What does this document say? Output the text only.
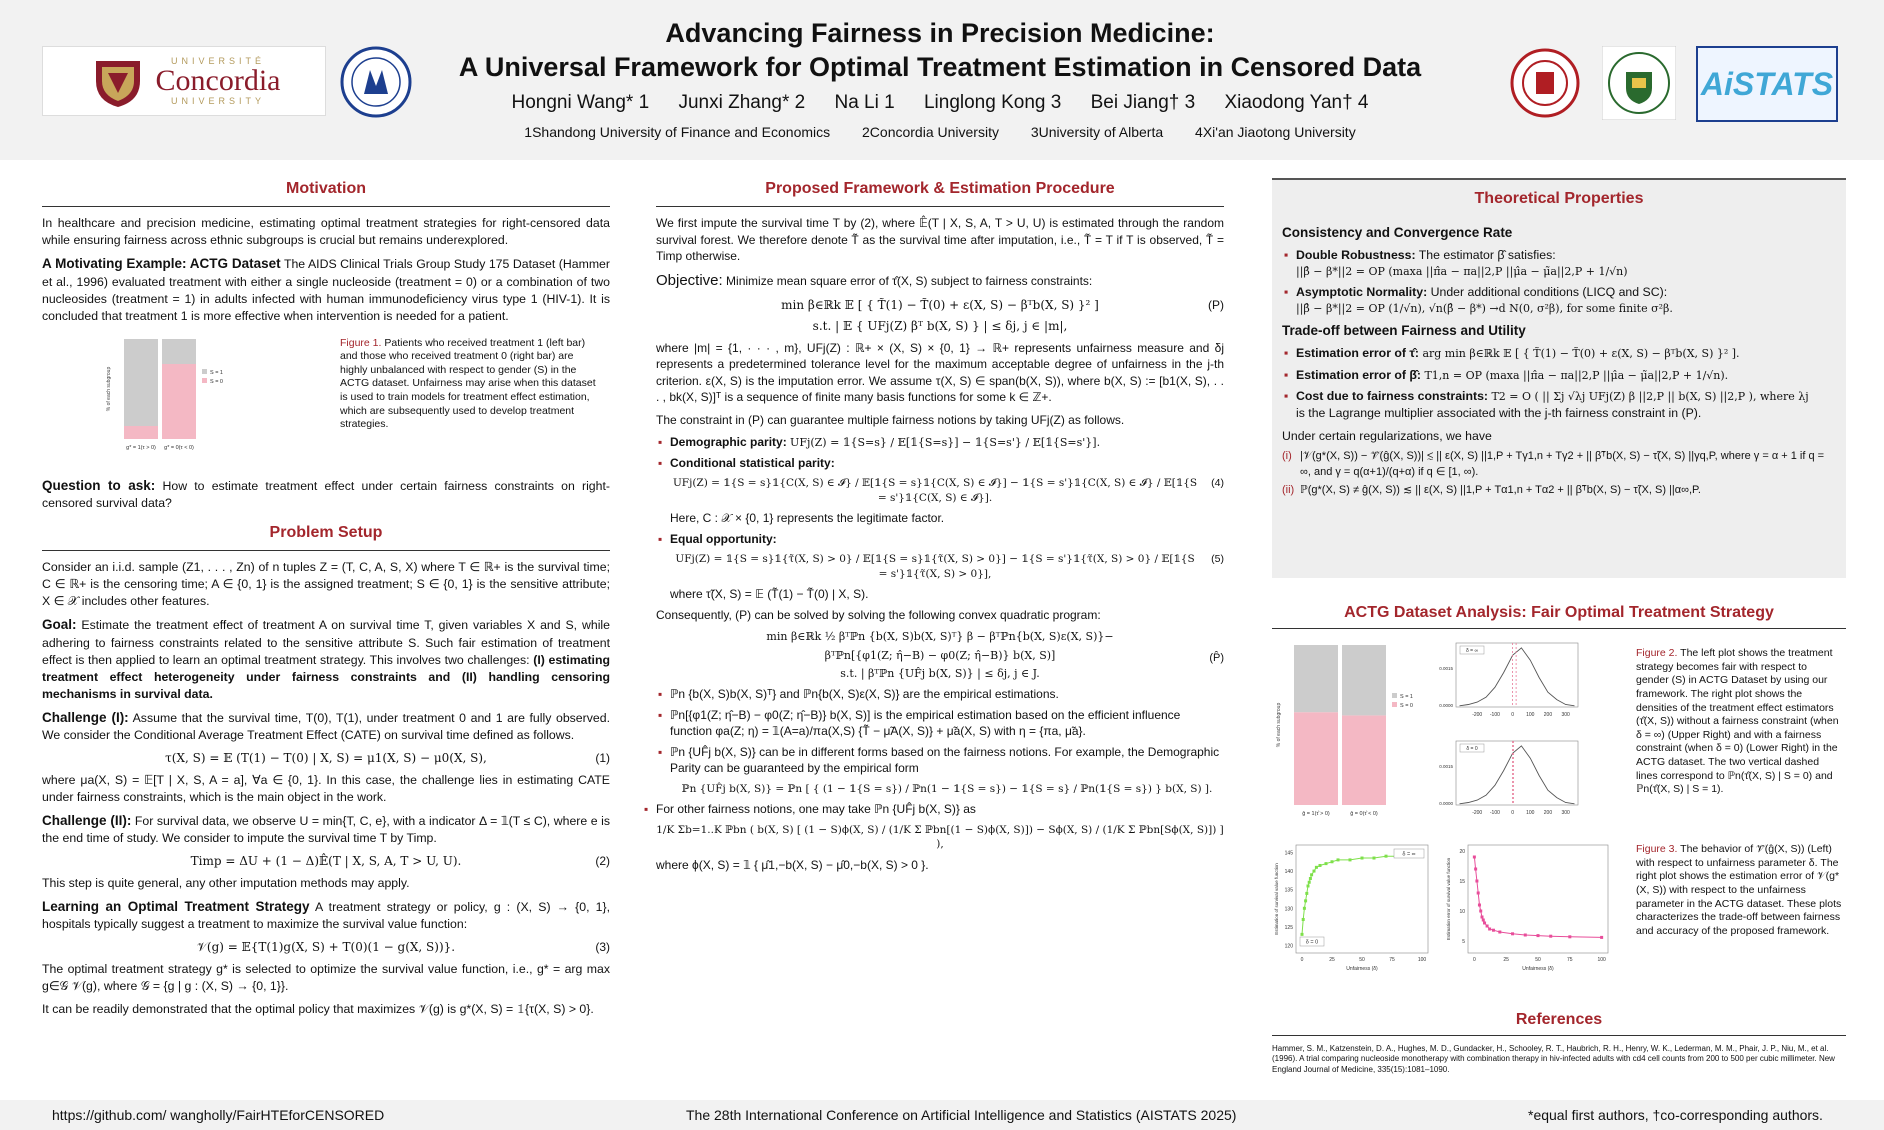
UNIVERSITÉ
Concordia
UNIVERSITY
Advancing Fairness in Precision Medicine:
A Universal Framework for Optimal Treatment Estimation in Censored Data
Hongni Wang* 1 Junxi Zhang* 2 Na Li 1 Linglong Kong 3 Bei Jiang† 3 Xiaodong Yan† 4
1Shandong University of Finance and Economics 2Concordia University 3University of Alberta 4Xi'an Jiaotong University
AiSTATS
Motivation
In healthcare and precision medicine, estimating optimal treatment strategies for right-censored data while ensuring fairness across ethnic subgroups is crucial but remains underexplored.
A Motivating Example: ACTG Dataset The AIDS Clinical Trials Group Study 175 Dataset (Hammer et al., 1996) evaluated treatment with either a single nucleoside (treatment = 0) or a combination of two nucleosides (treatment = 1) in adults infected with human immunodeficiency virus type 1 (HIV-1). It is concluded that treatment 1 is more effective when intervention is needed for a patient.
% of each subgroup
g* = 1(τ > 0) g* = 0(τ < 0)
S = 1
S = 0
Figure 1. Patients who received treatment 1 (left bar) and those who received treatment 0 (right bar) are highly unbalanced with respect to gender (S) in the ACTG dataset. Unfairness may arise when this dataset is used to train models for treatment effect estimation, which are subsequently used to develop treatment strategies.
Question to ask: How to estimate treatment effect under certain fairness constraints on right-censored survival data?
Problem Setup
Consider an i.i.d. sample (Z1, . . . , Zn) of n tuples Z = (T, C, A, S, X) where T ∈ ℝ+ is the survival time; C ∈ ℝ+ is the censoring time; A ∈ {0, 1} is the assigned treatment; S ∈ {0, 1} is the sensitive attribute; X ∈ 𝒳 includes other features.
Goal: Estimate the treatment effect of treatment A on survival time T, given variables X and S, while adhering to fairness constraints related to the sensitive attribute S. Such fair estimation of treatment effect is then applied to learn an optimal treatment strategy. This involves two challenges: (I) estimating treatment effect heterogeneity under fairness constraints and (II) handling censoring mechanisms in survival data.
Challenge (I): Assume that the survival time, T(0), T(1), under treatment 0 and 1 are fully observed. We consider the Conditional Average Treatment Effect (CATE) on survival time defined as follows.
τ(X, S) = 𝔼 (T(1) − T(0) | X, S) = μ1(X, S) − μ0(X, S),	(1)
where μa(X, S) = 𝔼[T | X, S, A = a], ∀a ∈ {0, 1}. In this case, the challenge lies in estimating CATE under fairness constraints, which is the main object in the work.
Challenge (II): For survival data, we observe U = min{T, C, e}, with a indicator Δ = 𝟙(T ≤ C), where e is the end time of study. We consider to impute the survival time T by Timp.
Timp = ΔU + (1 − Δ)𝔼̂(T | X, S, A, T > U, U).	(2)
This step is quite general, any other imputation methods may apply.
Learning an Optimal Treatment Strategy A treatment strategy or policy, g : (X, S) → {0, 1}, hospitals typically suggest a treatment to maximize the survival value function:
𝒱(g) = 𝔼{T(1)g(X, S) + T(0)(1 − g(X, S))}.	(3)
The optimal treatment strategy g* is selected to optimize the survival value function, i.e., g* = arg max g∈𝒢 𝒱(g), where 𝒢 = {g | g : (X, S) → {0, 1}}.
It can be readily demonstrated that the optimal policy that maximizes 𝒱(g) is g*(X, S) = 𝟙{τ(X, S) > 0}.
Proposed Framework & Estimation Procedure
We first impute the survival time T by (2), where 𝔼̂(T | X, S, A, T > U, U) is estimated through the random survival forest. We therefore denote T̃ as the survival time after imputation, i.e., T̃ = T if T is observed, T̃ = Timp otherwise.
Objective: Minimize mean square error of τ̂(X, S) subject to fairness constraints:
min β∈ℝk 𝔼 [ { T̃(1) − T̃(0) + ε(X, S) − βᵀb(X, S) }² ]
s.t. | 𝔼 { UFj(Z) βᵀ b(X, S) } | ≤ δj, j ∈ |m|,
(P)
where |m| = {1, · · · , m}, UFj(Z) : ℝ+ × (X, S) × {0, 1} → ℝ+ represents unfairness measure and δj represents a predetermined tolerance level for the maximum acceptable degree of unfairness in the j-th criterion. ε(X, S) is the imputation error. We assume τ(X, S) ∈ span(b(X, S)), where b(X, S) := [b1(X, S), . . . , bk(X, S)]ᵀ is a sequence of finite many basis functions for some k ∈ ℤ+.
The constraint in (P) can guarantee multiple fairness notions by taking UFj(Z) as follows.
▪ Demographic parity: UFj(Z) = 𝟙{S=s} / 𝔼[𝟙{S=s}] − 𝟙{S=s'} / 𝔼[𝟙{S=s'}].
▪ Conditional statistical parity:
UFj(Z) = 𝟙{S = s}𝟙{C(X, S) ∈ 𝓘} / 𝔼[𝟙{S = s}𝟙{C(X, S) ∈ 𝓘}] − 𝟙{S = s'}𝟙{C(X, S) ∈ 𝓘} / 𝔼[𝟙{S = s'}𝟙{C(X, S) ∈ 𝓘}].
(4)
Here, C : 𝒳 × {0, 1} represents the legitimate factor.
▪ Equal opportunity:
UFj(Z) = 𝟙{S = s}𝟙{τ̃(X, S) > 0} / 𝔼[𝟙{S = s}𝟙{τ̃(X, S) > 0}] − 𝟙{S = s'}𝟙{τ̃(X, S) > 0} / 𝔼[𝟙{S = s'}𝟙{τ̃(X, S) > 0}],
(5)
where τ̃(X, S) = 𝔼 (T̃(1) − T̃(0) | X, S).
Consequently, (P) can be solved by solving the following convex quadratic program:
min β∈ℝk ½ βᵀℙn {b(X, S)b(X, S)ᵀ} β − βᵀℙn{b(X, S)ε(X, S)}−
βᵀℙn[{φ1(Z; η̂−B) − φ0(Z; η̂−B)} b(X, S)]
s.t. | βᵀℙn {UF̂j b(X, S)} | ≤ δj, j ∈ J.
(P̂)
▪ ℙn {b(X, S)b(X, S)ᵀ} and ℙn{b(X, S)ε(X, S)} are the empirical estimations.
▪ ℙn[{φ1(Z; η̂−B) − φ0(Z; η̂−B)} b(X, S)] is the empirical estimation based on the efficient influence function φa(Z; η) = 𝟙(A=a)/πa(X,S) {T̃ − μ̃A(X, S)} + μ̃a(X, S) with η = {πa, μ̃a}.
▪ ℙn {UF̂j b(X, S)} can be in different forms based on the fairness notions. For example, the Demographic Parity can be guaranteed by the empirical form
ℙn {UF̂j b(X, S)} = ℙn [ { (1 − 𝟙{S = s}) / ℙn(1 − 𝟙{S = s}) − 𝟙{S = s} / ℙn(𝟙{S = s}) } b(X, S) ].
▪ For other fairness notions, one may take ℙn {UF̂j b(X, S)} as
1/K Σb=1..K ℙbn ( b(X, S) [ (1 − S)ϕ(X, S) / (1/K Σ ℙbn[(1 − S)ϕ(X, S)]) − Sϕ(X, S) / (1/K Σ ℙbn[Sϕ(X, S)]) ] ),
where ϕ(X, S) = 𝟙 { μ̂1,−b(X, S) − μ̂0,−b(X, S) > 0 }.
Theoretical Properties
Consistency and Convergence Rate
▪ Double Robustness: The estimator β̂ satisfies:
||β̂ − β*||2 = OP (maxa ||π̂a − πa||2,P ||μ̂a − μ̃a||2,P + 1/√n)
▪ Asymptotic Normality: Under additional conditions (LICQ and SC):
||β̂ − β*||2 = OP (1/√n), √n(β̂ − β*) →d N(0, σ²β), for some finite σ²β.
Trade-off between Fairness and Utility
▪ Estimation error of τ̂: arg min β∈ℝk 𝔼 [ { T̃(1) − T̃(0) + ε(X, S) − βᵀb(X, S) }² ].
▪ Estimation error of β̂: T1,n = OP (maxa ||π̂a − πa||2,P ||μ̂a − μ̃a||2,P + 1/√n).
▪ Cost due to fairness constraints: T2 = O ( || Σj √λj UFj(Z) β ||2,P || b(X, S) ||2,P ), where λj
is the Lagrange multiplier associated with the j-th fairness constraint in (P).
Under certain regularizations, we have
(i) |𝒱(g*(X, S)) − 𝒱̂(ĝ(X, S))| ≲ || ε(X, S) ||1,P + Tγ1,n + Tγ2 + || β̃ᵀb(X, S) − τ̃(X, S) ||γq,P, where γ = α + 1 if q = ∞, and γ = q(α+1)/(q+α) if q ∈ [1, ∞).
(ii) ℙ(g*(X, S) ≠ ĝ(X, S)) ≲ || ε(X, S) ||1,P + Tα1,n + Tα2 + || β̃ᵀb(X, S) − τ̃(X, S) ||α∞,P.
ACTG Dataset Analysis: Fair Optimal Treatment Strategy
% of each subgroup
ĝ = 1(τ̂ > 0)	ĝ = 0(τ̂ < 0)
S = 1
S = 0
-200 -100 0 100 200 300
0.0000
0.0015
δ = ∞
-200 -100 0 100 200 300
0.0000
0.0015
δ = 0
Figure 2. The left plot shows the treatment strategy becomes fair with respect to gender (S) in ACTG Dataset by using our framework. The right plot shows the densities of the treatment effect estimators (τ̂(X, S)) without a fairness constraint (when δ = ∞) (Upper Right) and with a fairness constraint (when δ = 0) (Lower Right) in the ACTG dataset. The two vertical dashed lines correspond to ℙn(τ̂(X, S) | S = 0) and ℙn(τ̂(X, S) | S = 1).
0	25	50	75	100
120
125
130
135
140
145
Unfairness (δ)
Estimation of survival value function
δ = ∞
δ = 0
0	25	50	75	100
5
10
15
20
Unfairness (δ)
Estimation error of survival value function
Figure 3. The behavior of 𝒱̂(ĝ(X, S)) (Left) with respect to unfairness parameter δ. The right plot shows the estimation error of 𝒱(g*(X, S)) with respect to the unfairness parameter in the ACTG dataset. These plots characterizes the trade-off between fairness and accuracy of the proposed framework.
References
Hammer, S. M., Katzenstein, D. A., Hughes, M. D., Gundacker, H., Schooley, R. T., Haubrich, R. H., Henry, W. K., Lederman, M. M., Phair, J. P., Niu, M., et al. (1996). A trial comparing nucleoside monotherapy with combination therapy in hiv-infected adults with cd4 cell counts from 200 to 500 per cubic millimeter. New England Journal of Medicine, 335(15):1081–1090.
https://github.com/ wangholly/FairHTEforCENSORED	The 28th International Conference on Artificial Intelligence and Statistics (AISTATS 2025)	*equal first authors, †co-corresponding authors.
